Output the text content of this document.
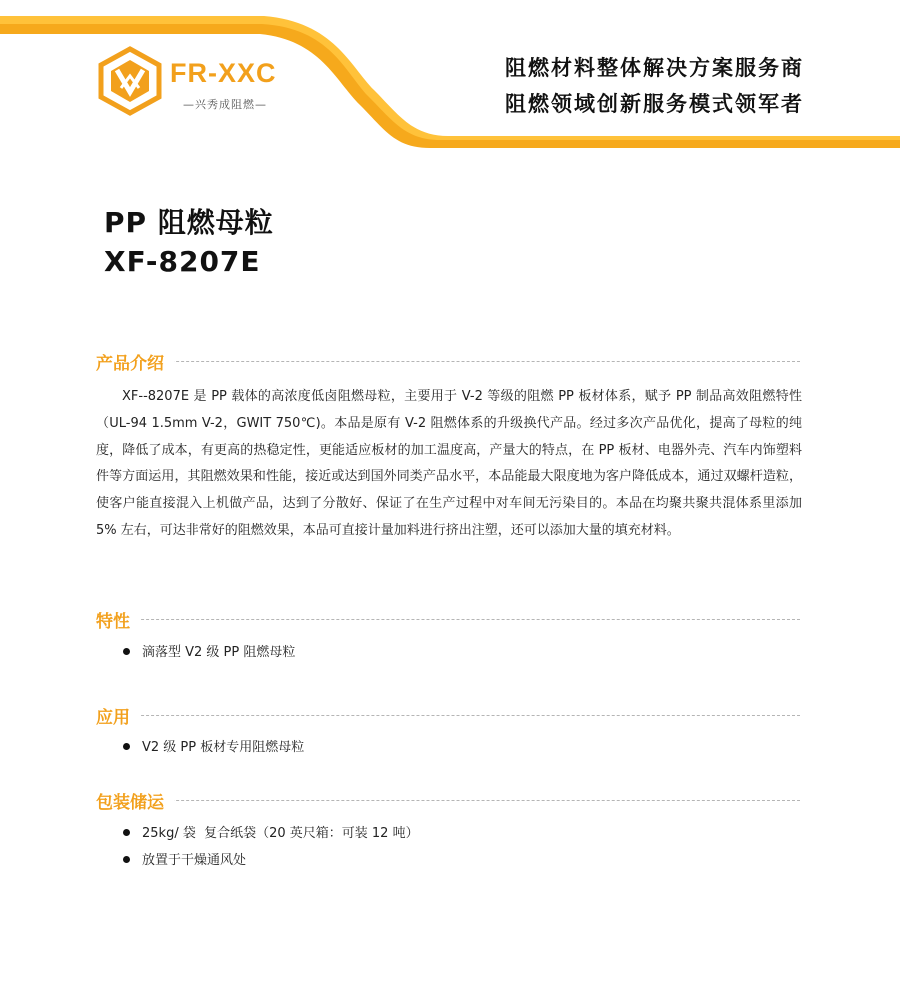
FR-XXC
—兴秀成阻燃—
阻燃材料整体解决方案服务商
阻燃领域创新服务模式领军者
PP 阻燃母粒
XF-8207E
产品介绍
XF--8207E 是 PP 载体的高浓度低卤阻燃母粒，主要用于 V-2 等级的阻燃 PP 板材体系，赋予 PP 制品高效阻燃特性（UL-94 1.5mm V-2，GWIT 750℃)。本品是原有 V-2 阻燃体系的升级换代产品。经过多次产品优化，提高了母粒的纯度，降低了成本，有更高的热稳定性，更能适应板材的加工温度高，产量大的特点，在 PP 板材、电器外壳、汽车内饰塑料件等方面运用，其阻燃效果和性能，接近或达到国外同类产品水平，本品能最大限度地为客户降低成本，通过双螺杆造粒，使客户能直接混入上机做产品，达到了分散好、保证了在生产过程中对车间无污染目的。本品在均聚共聚共混体系里添加 5% 左右，可达非常好的阻燃效果，本品可直接计量加料进行挤出注塑，还可以添加大量的填充材料。
特性
滴落型 V2 级 PP 阻燃母粒
应用
V2 级 PP 板材专用阻燃母粒
包装储运
25kg/ 袋  复合纸袋（20 英尺箱：可装 12 吨）
放置于干燥通风处
